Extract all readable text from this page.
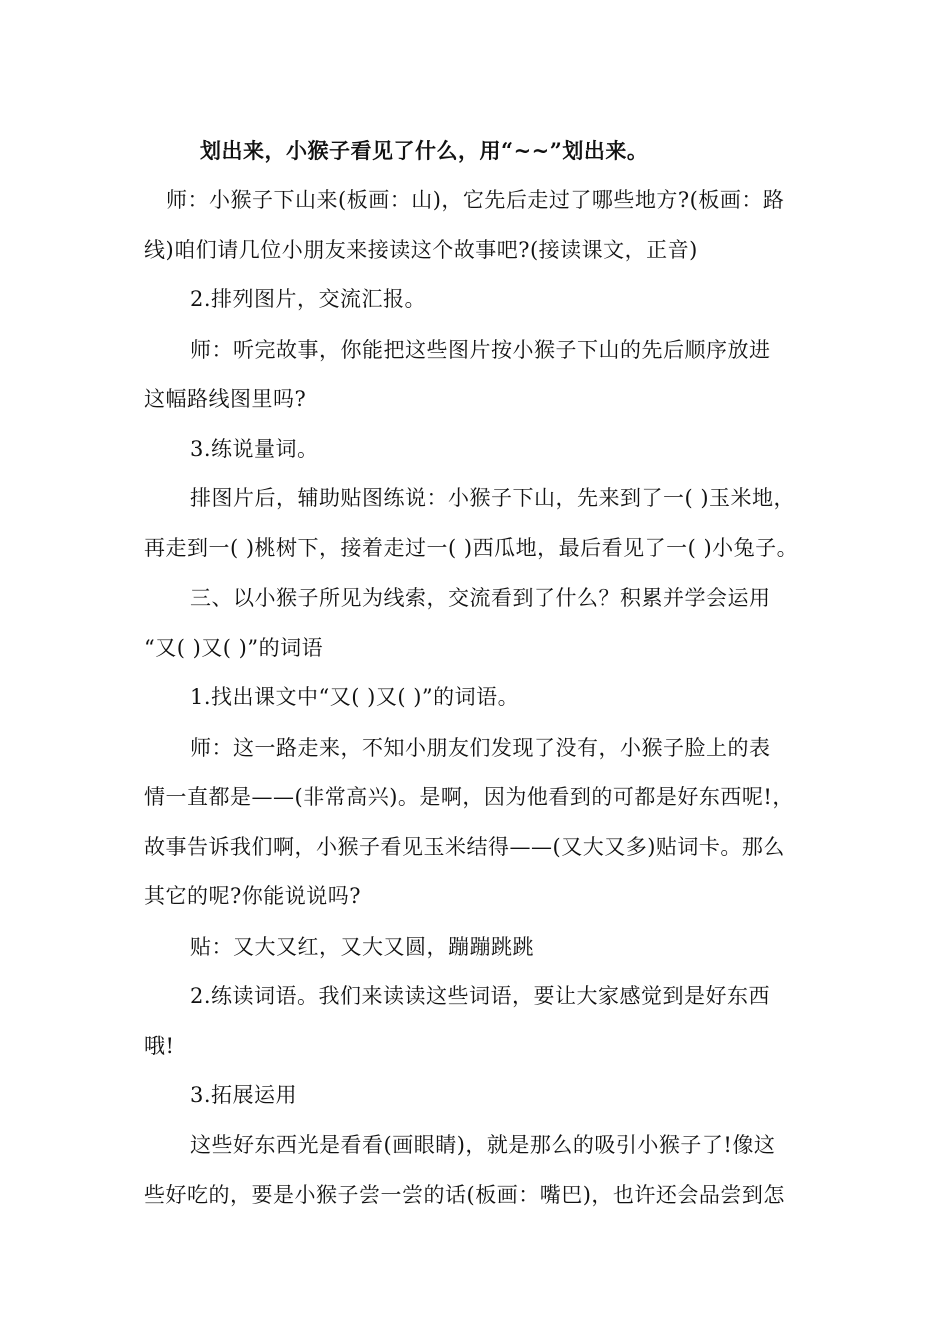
划出来，小猴子看见了什么，用“~~”划出来。
师：小猴子下山来(板画：山)，它先后走过了哪些地方?(板画：路
线)咱们请几位小朋友来接读这个故事吧?(接读课文，正音)
2.排列图片，交流汇报。
师：听完故事，你能把这些图片按小猴子下山的先后顺序放进
这幅路线图里吗?
3.练说量词。
排图片后，辅助贴图练说：小猴子下山，先来到了一( )玉米地，
再走到一( )桃树下，接着走过一( )西瓜地，最后看见了一( )小兔子。
三、以小猴子所见为线索，交流看到了什么？积累并学会运用
“又( )又( )”的词语
1.找出课文中“又( )又( )”的词语。
师：这一路走来，不知小朋友们发现了没有，小猴子脸上的表
情一直都是——(非常高兴)。是啊，因为他看到的可都是好东西呢!，
故事告诉我们啊，小猴子看见玉米结得——(又大又多)贴词卡。那么
其它的呢?你能说说吗?
贴：又大又红，又大又圆，蹦蹦跳跳
2.练读词语。我们来读读这些词语，要让大家感觉到是好东西
哦!
3.拓展运用
这些好东西光是看看(画眼睛)，就是那么的吸引小猴子了!像这
些好吃的，要是小猴子尝一尝的话(板画：嘴巴)，也许还会品尝到怎
